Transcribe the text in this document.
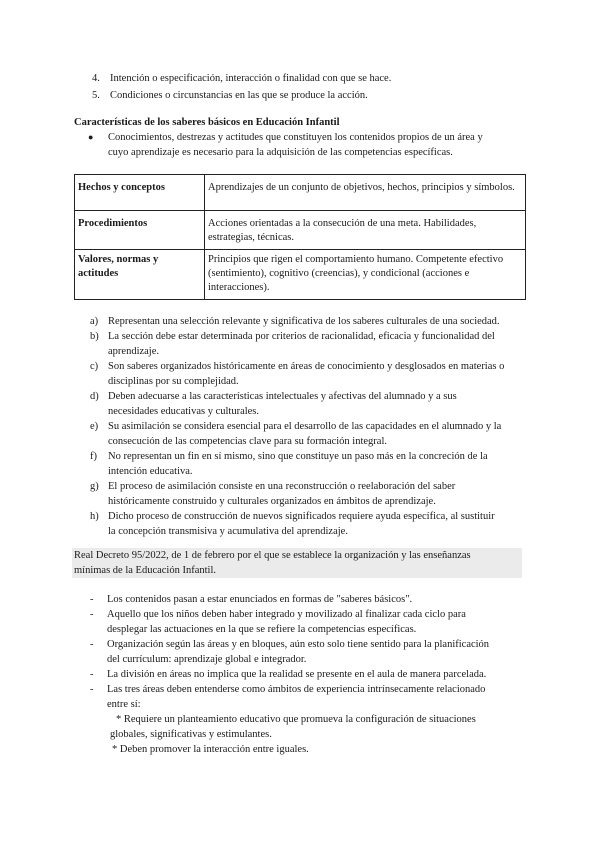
4. Intención o especificación, interacción o finalidad con que se hace.
5. Condiciones o circunstancias en las que se produce la acción.
Características de los saberes básicos en Educación Infantil
●	Conocimientos, destrezas y actitudes que constituyen los contenidos propios de un área y
cuyo aprendizaje es necesario para la adquisición de las competencias específicas.
Hechos y conceptos	Aprendizajes de un conjunto de objetivos, hechos, principios y símbolos.
Procedimientos	Acciones orientadas a la consecución de una meta. Habilidades, estrategias, técnicas.
Valores, normas y actitudes	Principios que rigen el comportamiento humano. Competente efectivo (sentimiento), cognitivo (creencias), y condicional (acciones e interacciones).
a) Representan una selección relevante y significativa de los saberes culturales de una sociedad.
b) La sección debe estar determinada por criterios de racionalidad, eficacia y funcionalidad del
aprendizaje.
c) Son saberes organizados históricamente en áreas de conocimiento y desglosados en materias o
disciplinas por su complejidad.
d) Deben adecuarse a las características intelectuales y afectivas del alumnado y a sus
necesidades educativas y culturales.
e) Su asimilación se considera esencial para el desarrollo de las capacidades en el alumnado y la
consecución de las competencias clave para su formación integral.
f)	No representan un fin en sí mismo, sino que constituye un paso más en la concreción de la
intención educativa.
g) El proceso de asimilación consiste en una reconstrucción o reelaboración del saber
históricamente construido y culturales organizados en ámbitos de aprendizaje.
h) Dicho proceso de construcción de nuevos significados requiere ayuda específica, al sustituir
la concepción transmisiva y acumulativa del aprendizaje.
Real Decreto 95/2022, de 1 de febrero por el que se establece la organización y las enseñanzas
mínimas de la Educación Infantil.
-	Los contenidos pasan a estar enunciados en formas de "saberes básicos".
-	Aquello que los niños deben haber integrado y movilizado al finalizar cada ciclo para
desplegar las actuaciones en la que se refiere la competencias específicas.
-	Organización según las áreas y en bloques, aún esto solo tiene sentido para la planificación
del currículum: aprendizaje global e integrador.
-	La división en áreas no implica que la realidad se presente en el aula de manera parcelada.
-	Las tres áreas deben entenderse como ámbitos de experiencia intrínsecamente relacionado
entre sí:
* Requiere un planteamiento educativo que promueva la configuración de situaciones
globales, significativas y estimulantes.
* Deben promover la interacción entre iguales.
